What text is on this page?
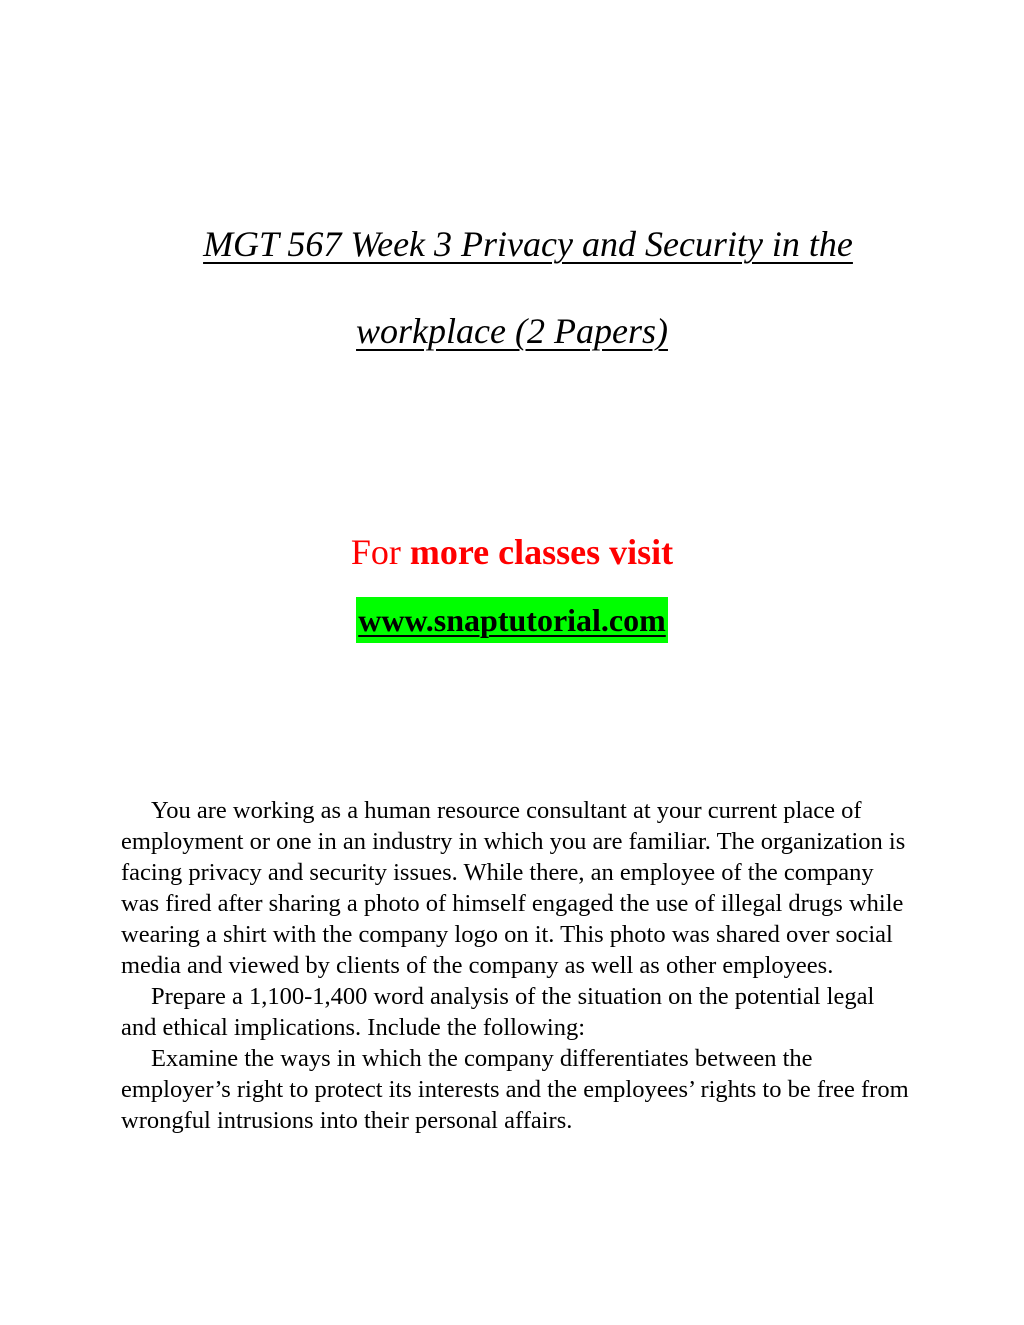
MGT 567 Week 3 Privacy and Security in the
workplace (2 Papers)
For more classes visit
www.snaptutorial.com

You are working as a human resource consultant at your current place of employment or one in an industry in which you are familiar. The organization is facing privacy and security issues. While there, an employee of the company was fired after sharing a photo of himself engaged the use of illegal drugs while wearing a shirt with the company logo on it. This photo was shared over social media and viewed by clients of the company as well as other employees.

Prepare a 1,100-1,400 word analysis of the situation on the potential legal and ethical implications. Include the following:

Examine the ways in which the company differentiates between the employer’s right to protect its interests and the employees’ rights to be free from wrongful intrusions into their personal affairs.
